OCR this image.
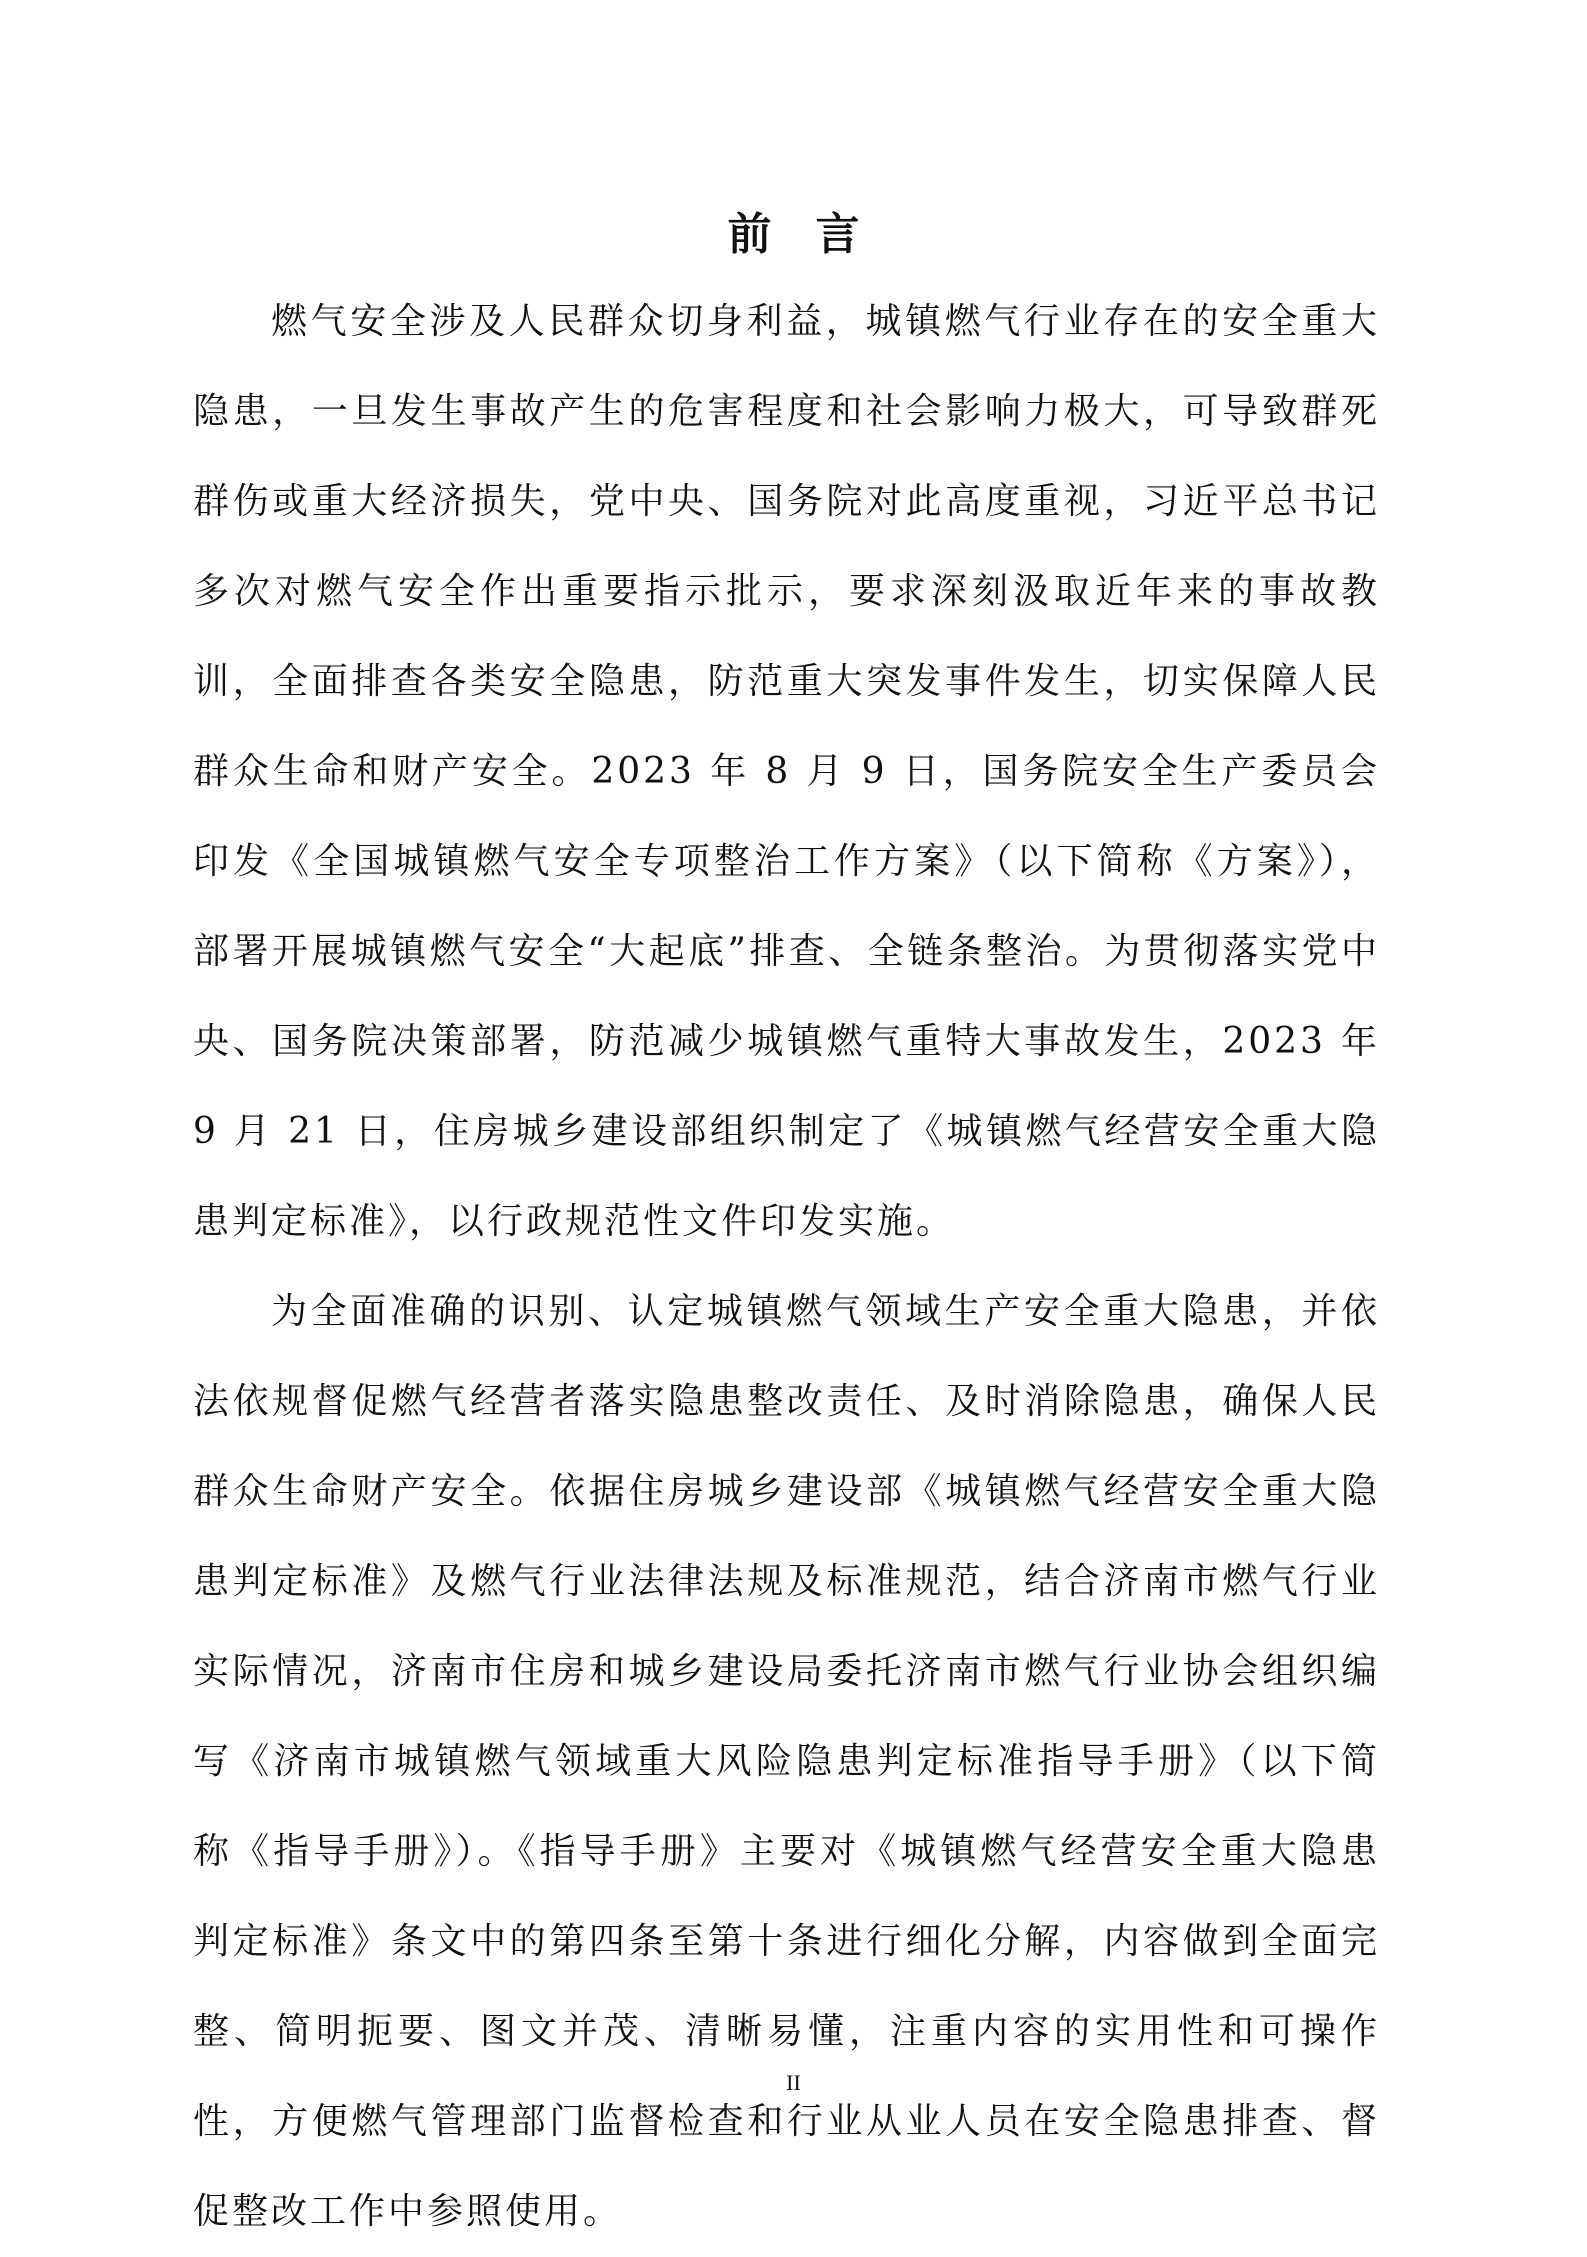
前言

燃气安全涉及人民群众切身利益，城镇燃气行业存在的安全重大隐患，一旦发生事故产生的危害程度和社会影响力极大，可导致群死群伤或重大经济损失，党中央、国务院对此高度重视，习近平总书记多次对燃气安全作出重要指示批示，要求深刻汲取近年来的事故教训，全面排查各类安全隐患，防范重大突发事件发生，切实保障人民群众生命和财产安全。2023 年 8 月 9 日，国务院安全生产委员会印发《全国城镇燃气安全专项整治工作方案》（以下简称《方案》），部署开展城镇燃气安全“大起底”排查、全链条整治。为贯彻落实党中央、国务院决策部署，防范减少城镇燃气重特大事故发生，2023 年 9 月 21 日，住房城乡建设部组织制定了《城镇燃气经营安全重大隐患判定标准》，以行政规范性文件印发实施。

为全面准确的识别、认定城镇燃气领域生产安全重大隐患，并依法依规督促燃气经营者落实隐患整改责任、及时消除隐患，确保人民群众生命财产安全。依据住房城乡建设部《城镇燃气经营安全重大隐患判定标准》及燃气行业法律法规及标准规范，结合济南市燃气行业实际情况，济南市住房和城乡建设局委托济南市燃气行业协会组织编写《济南市城镇燃气领域重大风险隐患判定标准指导手册》（以下简称《指导手册》）。《指导手册》主要对《城镇燃气经营安全重大隐患判定标准》条文中的第四条至第十条进行细化分解，内容做到全面完整、简明扼要、图文并茂、清晰易懂，注重内容的实用性和可操作性，方便燃气管理部门监督检查和行业从业人员在安全隐患排查、督促整改工作中参照使用。

II
